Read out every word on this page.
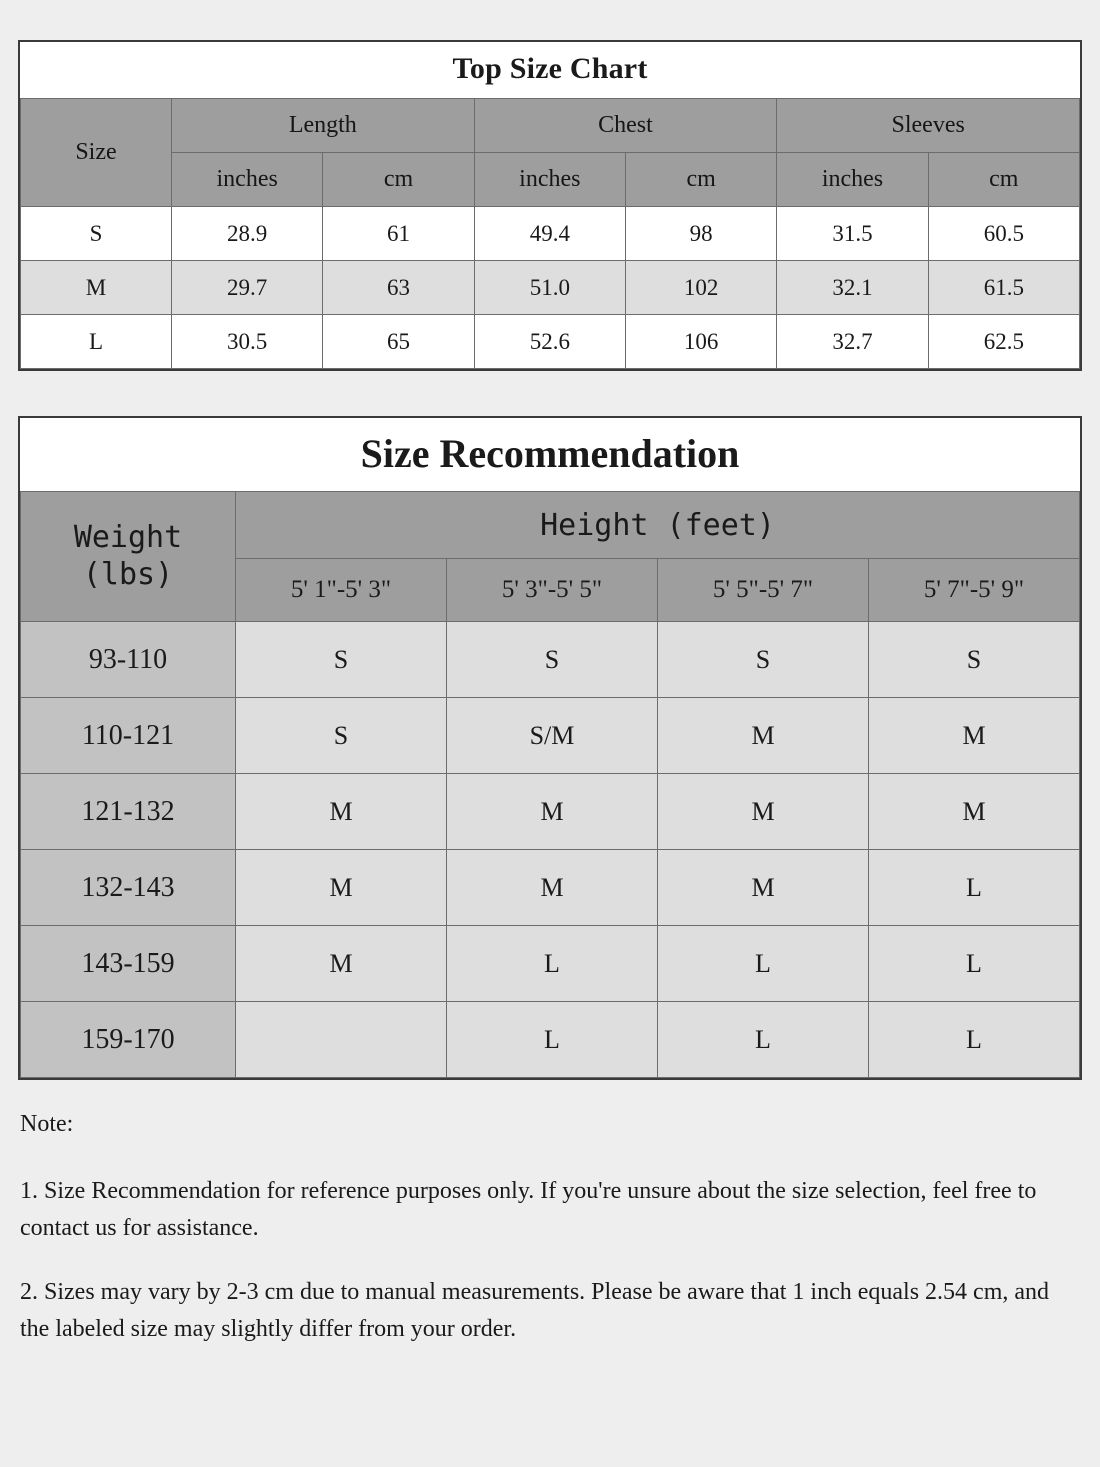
Top Size Chart
Size	Length		Chest		Sleeves	
	inches	cm	inches	cm	inches	cm
S	28.9	61	49.4	98	31.5	60.5
M	29.7	63	51.0	102	32.1	61.5
L	30.5	65	52.6	106	32.7	62.5
Size Recommendation
Weight
(lbs)	Height (feet)			
	5' 1"-5' 3"	5' 3"-5' 5"	5' 5"-5' 7"	5' 7"-5' 9"
93-110	S	S	S	S
110-121	S	S/M	M	M
121-132	M	M	M	M
132-143	M	M	M	L
143-159	M	L	L	L
159-170		L	L	L

Note:

1. Size Recommendation for reference purposes only. If you're unsure about the size selection, feel free to contact us for assistance.

2. Sizes may vary by 2-3 cm due to manual measurements. Please be aware that 1 inch equals 2.54 cm, and the labeled size may slightly differ from your order.
